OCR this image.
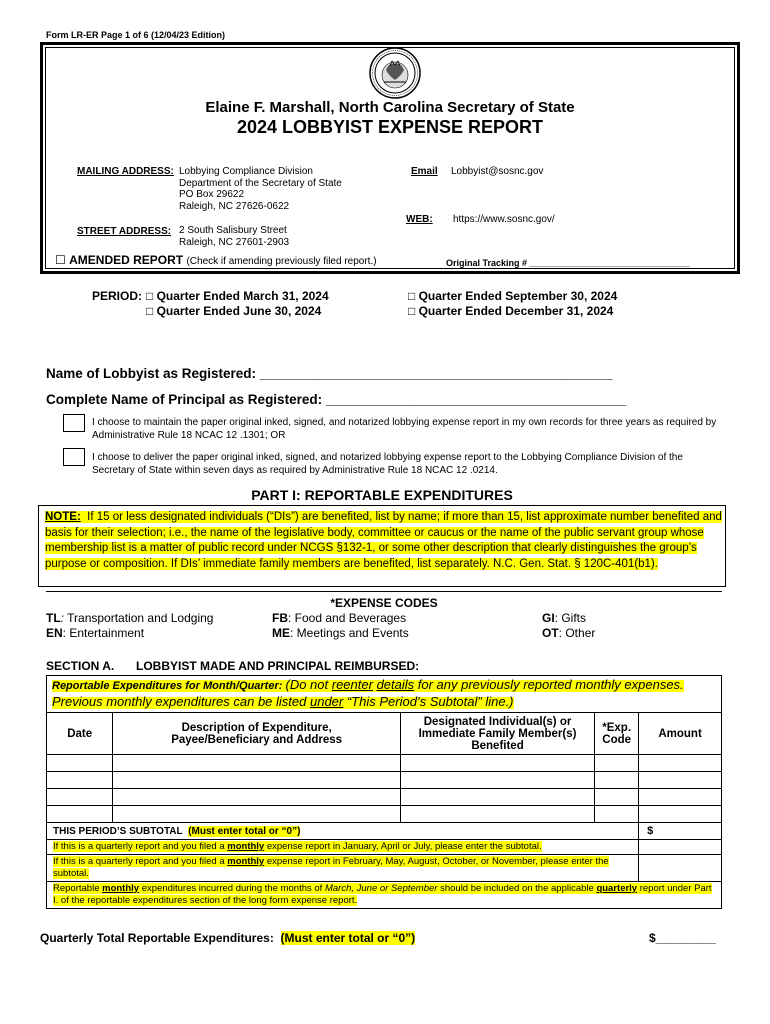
Form LR-ER Page 1 of 6 (12/04/23 Edition)
Elaine F. Marshall, North Carolina Secretary of State
2024 LOBBYIST EXPENSE REPORT
MAILING ADDRESS: Lobbying Compliance Division
Department of the Secretary of State
PO Box 29622
Raleigh, NC 27626-0622
Email Lobbyist@sosnc.gov
WEB: https://www.sosnc.gov/
STREET ADDRESS: 2 South Salisbury Street
Raleigh, NC 27601-2903
☐ AMENDED REPORT (Check if amending previously filed report.)	Original Tracking # ________________________________
PERIOD: □ Quarter Ended March 31, 2024
□ Quarter Ended June 30, 2024
□ Quarter Ended September 30, 2024
□ Quarter Ended December 31, 2024
Name of Lobbyist as Registered: _______________________________________________
Complete Name of Principal as Registered: ________________________________________
I choose to maintain the paper original inked, signed, and notarized lobbying expense report in my own records for three years as required by Administrative Rule 18 NCAC 12 .1301; OR
I choose to deliver the paper original inked, signed, and notarized lobbying expense report to the Lobbying Compliance Division of the Secretary of State within seven days as required by Administrative Rule 18 NCAC 12 .0214.
PART I: REPORTABLE EXPENDITURES
NOTE: If 15 or less designated individuals (“DIs”) are benefited, list by name; if more than 15, list approximate number benefited and basis for their selection; i.e., the name of the legislative body, committee or caucus or the name of the public servant group whose membership list is a matter of public record under NCGS §132-1, or some other description that clearly distinguishes the group’s purpose or composition. If DIs’ immediate family members are benefited, list separately. N.C. Gen. Stat. § 120C-401(b1).
*EXPENSE CODES
TL: Transportation and Lodging	FB: Food and Beverages	GI: Gifts
EN: Entertainment	ME: Meetings and Events	OT: Other
SECTION A. LOBBYIST MADE AND PRINCIPAL REIMBURSED:
Reportable Expenditures for Month/Quarter: (Do not reenter details for any previously reported monthly expenses. Previous monthly expenditures can be listed under “This Period’s Subtotal” line.)				
Date	Description of Expenditure, Payee/Beneficiary and Address	Designated Individual(s) or Immediate Family Member(s) Benefited	*Exp. Code	Amount

THIS PERIOD’S SUBTOTAL (Must enter total or “0”)				$
If this is a quarterly report and you filed a monthly expense report in January, April or July, please enter the subtotal.				
If this is a quarterly report and you filed a monthly expense report in February, May, August, October, or November, please enter the subtotal.				
Reportable monthly expenditures incurred during the months of March, June or September should be included on the applicable quarterly report under Part I. of the reportable expenditures section of the long form expense report.				
Quarterly Total Reportable Expenditures: (Must enter total or “0”)	$_________
